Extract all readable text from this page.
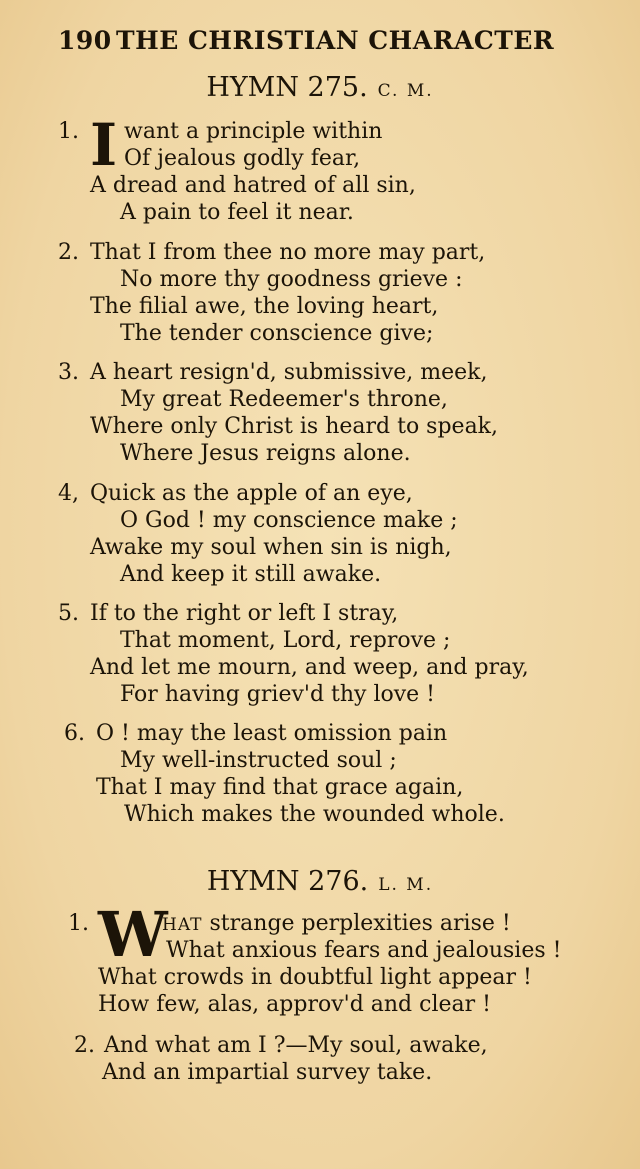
190 THE CHRISTIAN CHARACTER
HYMN 275. C. M.
1. I want a principle within
Of jealous godly fear,
A dread and hatred of all sin,
A pain to feel it near.
2. That I from thee no more may part,
No more thy goodness grieve :
The filial awe, the loving heart,
The tender conscience give;
3. A heart resign'd, submissive, meek,
My great Redeemer's throne,
Where only Christ is heard to speak,
Where Jesus reigns alone.
4, Quick as the apple of an eye,
O God ! my conscience make ;
Awake my soul when sin is nigh,
And keep it still awake.
5. If to the right or left I stray,
That moment, Lord, reprove ;
And let me mourn, and weep, and pray,
For having griev'd thy love !
6. O ! may the least omission pain
My well-instructed soul ;
That I may find that grace again,
Which makes the wounded whole.
HYMN 276. L. M.
1. W
HAT strange perplexities arise !
What anxious fears and jealousies !
What crowds in doubtful light appear !
How few, alas, approv'd and clear !
2. And what am I ?—My soul, awake,
And an impartial survey take.
